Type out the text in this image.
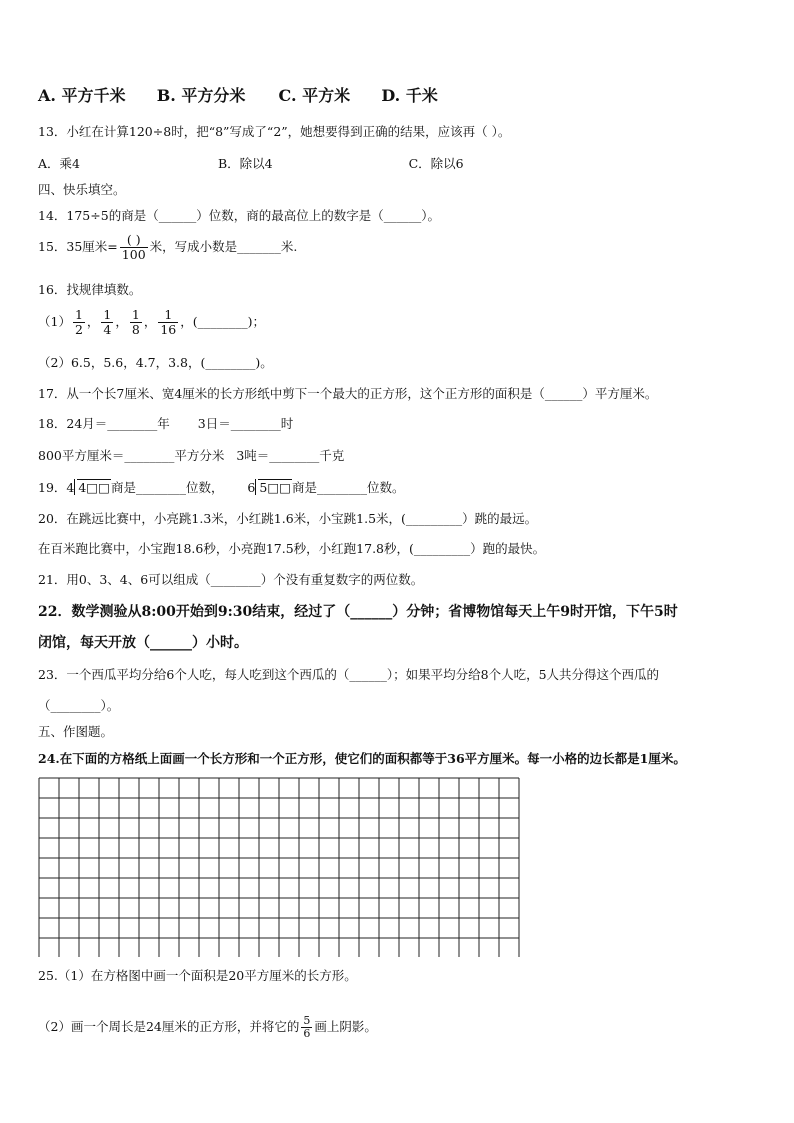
A. 平方千米 B. 平方分米 C. 平方米 D. 千米
13．小红在计算120÷8时，把“8”写成了“2”，她想要得到正确的结果，应该再（ ）。
A．乘4	B．除以4	C．除以6
四、快乐填空。
14．175÷5的商是（______）位数，商的最高位上的数字是（______）。
15．35厘米= $\frac{( )}{100}$ 米，写成小数是_______米.
16．找规律填数。
$(1) \frac{1}{2}$ ， $\frac{1}{4}$ ， $\frac{1}{8}$ ， $\frac{1}{16}$ ，(________)；
（2）6.5，5.6，4.7，3.8，(________)。
17．从一个长7厘米、宽4厘米的长方形纸中剪下一个最大的正方形，这个正方形的面积是（______）平方厘米。
18．24月＝________年 3日＝________时
800平方厘米＝________平方分米 3吨＝________千克
19．4 4□□商是________位数， 6 5□□商是________位数。
20．在跳远比赛中，小亮跳1.3米，小红跳1.6米，小宝跳1.5米，(_________）跳的最远。
在百米跑比赛中，小宝跑18.6秒，小亮跑17.5秒，小红跑17.8秒，(_________）跑的最快。
21．用0、3、4、6可以组成（________）个没有重复数字的两位数。
22．数学测验从8:00开始到9:30结束，经过了（______）分钟；省博物馆每天上午9时开馆，下午5时
闭馆，每天开放（______）小时。
23．一个西瓜平均分给6个人吃，每人吃到这个西瓜的（______）；如果平均分给8个人吃，5人共分得这个西瓜的
（________）。
五、作图题。
24.在下面的方格纸上面画一个长方形和一个正方形，使它们的面积都等于36平方厘米。每一小格的边长都是1厘米。
25.（1）在方格图中画一个面积是20平方厘米的长方形。
（2）画一个周长是24厘米的正方形，并将它的 $\frac{5}{6}$ 画上阴影。
